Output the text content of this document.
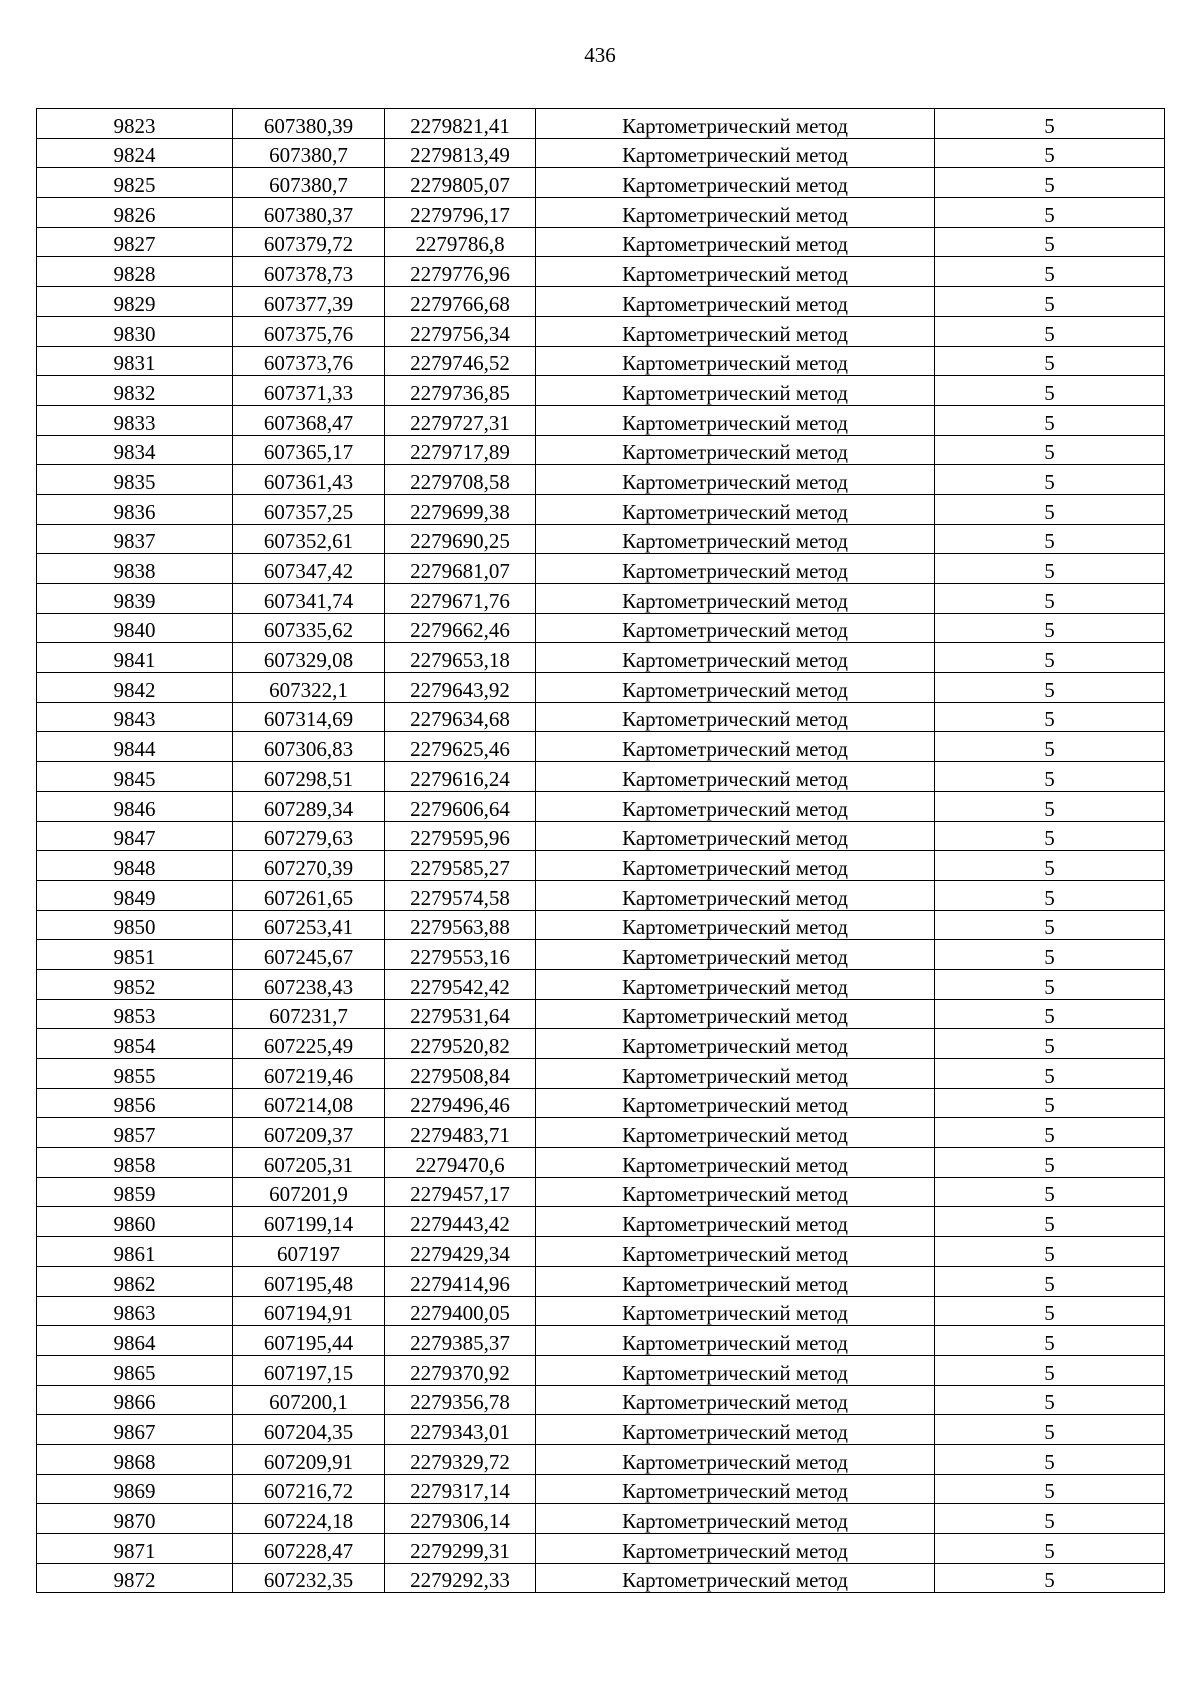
436
9823	607380,39	2279821,41	Картометрический метод	5
9824	607380,7	2279813,49	Картометрический метод	5
9825	607380,7	2279805,07	Картометрический метод	5
9826	607380,37	2279796,17	Картометрический метод	5
9827	607379,72	2279786,8	Картометрический метод	5
9828	607378,73	2279776,96	Картометрический метод	5
9829	607377,39	2279766,68	Картометрический метод	5
9830	607375,76	2279756,34	Картометрический метод	5
9831	607373,76	2279746,52	Картометрический метод	5
9832	607371,33	2279736,85	Картометрический метод	5
9833	607368,47	2279727,31	Картометрический метод	5
9834	607365,17	2279717,89	Картометрический метод	5
9835	607361,43	2279708,58	Картометрический метод	5
9836	607357,25	2279699,38	Картометрический метод	5
9837	607352,61	2279690,25	Картометрический метод	5
9838	607347,42	2279681,07	Картометрический метод	5
9839	607341,74	2279671,76	Картометрический метод	5
9840	607335,62	2279662,46	Картометрический метод	5
9841	607329,08	2279653,18	Картометрический метод	5
9842	607322,1	2279643,92	Картометрический метод	5
9843	607314,69	2279634,68	Картометрический метод	5
9844	607306,83	2279625,46	Картометрический метод	5
9845	607298,51	2279616,24	Картометрический метод	5
9846	607289,34	2279606,64	Картометрический метод	5
9847	607279,63	2279595,96	Картометрический метод	5
9848	607270,39	2279585,27	Картометрический метод	5
9849	607261,65	2279574,58	Картометрический метод	5
9850	607253,41	2279563,88	Картометрический метод	5
9851	607245,67	2279553,16	Картометрический метод	5
9852	607238,43	2279542,42	Картометрический метод	5
9853	607231,7	2279531,64	Картометрический метод	5
9854	607225,49	2279520,82	Картометрический метод	5
9855	607219,46	2279508,84	Картометрический метод	5
9856	607214,08	2279496,46	Картометрический метод	5
9857	607209,37	2279483,71	Картометрический метод	5
9858	607205,31	2279470,6	Картометрический метод	5
9859	607201,9	2279457,17	Картометрический метод	5
9860	607199,14	2279443,42	Картометрический метод	5
9861	607197	2279429,34	Картометрический метод	5
9862	607195,48	2279414,96	Картометрический метод	5
9863	607194,91	2279400,05	Картометрический метод	5
9864	607195,44	2279385,37	Картометрический метод	5
9865	607197,15	2279370,92	Картометрический метод	5
9866	607200,1	2279356,78	Картометрический метод	5
9867	607204,35	2279343,01	Картометрический метод	5
9868	607209,91	2279329,72	Картометрический метод	5
9869	607216,72	2279317,14	Картометрический метод	5
9870	607224,18	2279306,14	Картометрический метод	5
9871	607228,47	2279299,31	Картометрический метод	5
9872	607232,35	2279292,33	Картометрический метод	5
